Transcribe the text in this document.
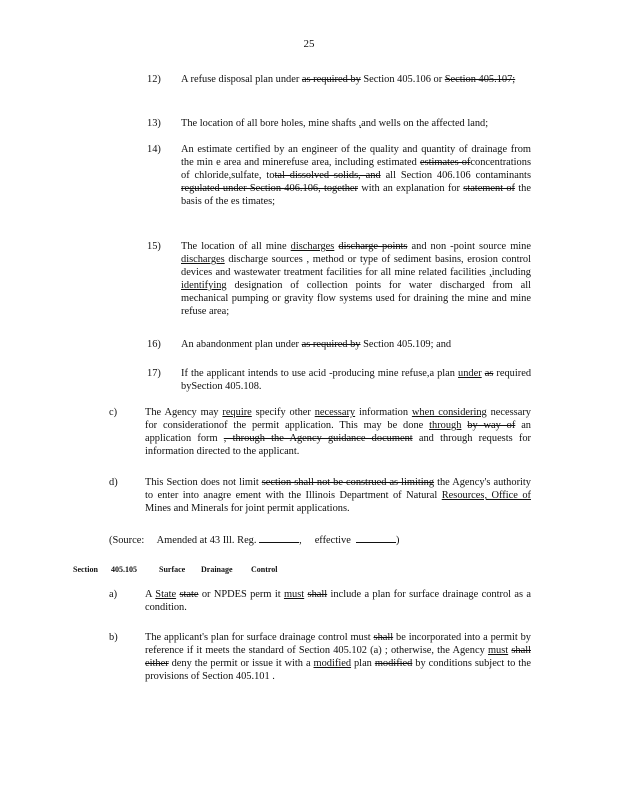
25
12) A refuse disposal plan under as required by Section 405.106 or Section 405.107;
13) The location of all bore holes, mine shafts ,and wells on the affected land;
14) An estimate certified by an engineer of the quality and quantity of drainage from the min e area and minerefuse area, including estimated estimates ofconcentrations of chloride,sulfate, total dissolved solids, and all Section 406.106 contaminants regulated under Section 406.106, together with an explanation for statement of the basis of the es timates;
15) The location of all mine discharges discharge points and non -point source mine discharges discharge sources , method or type of sediment basins, erosion control devices and wastewater treatment facilities for all mine related facilities ,including identifying designation of collection points for water discharged from all mechanical pumping or gravity flow systems used for draining the mine and mine refuse area;
16) An abandonment plan under as required by Section 405.109; and
17) If the applicant intends to use acid -producing mine refuse,a plan under as required bySection 405.108.
c)	The Agency may require specify other necessary information when considering necessary for considerationof the permit application. This may be done through by way of an application form , through the Agency guidance document and through requests for information directed to the applicant.
d)	This Section does not limit section shall not be construed as limiting the Agency's authority to enter into anagre ement with the Illinois Department of Natural Resources, Office of Mines and Minerals for joint permit applications.
(Source: Amended at 43 Ill. Reg.	, effective	)
Section 405.105	Surface Drainage Control
a)	A State state or NPDES perm it must shall include a plan for surface drainage control as a condition.
b)	The applicant's plan for surface drainage control must shall be incorporated into a permit by reference if it meets the standard of Section 405.102 (a) ; otherwise, the Agency must shall either deny the permit or issue it with a modified plan modified by conditions subject to the provisions of Section 405.101 .
